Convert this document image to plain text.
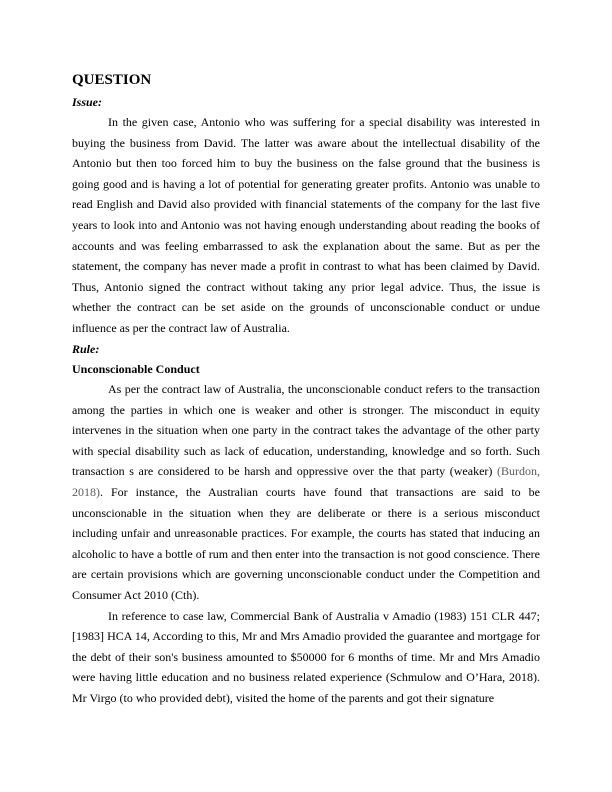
QUESTION
Issue:

In the given case, Antonio who was suffering for a special disability was interested in buying the business from David. The latter was aware about the intellectual disability of the Antonio but then too forced him to buy the business on the false ground that the business is going good and is having a lot of potential for generating greater profits. Antonio was unable to read English and David also provided with financial statements of the company for the last five years to look into and Antonio was not having enough understanding about reading the books of accounts and was feeling embarrassed to ask the explanation about the same. But as per the statement, the company has never made a profit in contrast to what has been claimed by David. Thus, Antonio signed the contract without taking any prior legal advice. Thus, the issue is whether the contract can be set aside on the grounds of unconscionable conduct or undue influence as per the contract law of Australia.

Rule:
Unconscionable Conduct

As per the contract law of Australia, the unconscionable conduct refers to the transaction among the parties in which one is weaker and other is stronger. The misconduct in equity intervenes in the situation when one party in the contract takes the advantage of the other party with special disability such as lack of education, understanding, knowledge and so forth. Such transaction s are considered to be harsh and oppressive over the that party (weaker) (Burdon, 2018). For instance, the Australian courts have found that transactions are said to be unconscionable in the situation when they are deliberate or there is a serious misconduct including unfair and unreasonable practices. For example, the courts has stated that inducing an alcoholic to have a bottle of rum and then enter into the transaction is not good conscience. There are certain provisions which are governing unconscionable conduct under the Competition and Consumer Act 2010 (Cth).

In reference to case law, Commercial Bank of Australia v Amadio (1983) 151 CLR 447; [1983] HCA 14, According to this, Mr and Mrs Amadio provided the guarantee and mortgage for the debt of their son's business amounted to $50000 for 6 months of time. Mr and Mrs Amadio were having little education and no business related experience (Schmulow and O’Hara, 2018). Mr Virgo (to who provided debt), visited the home of the parents and got their signature
